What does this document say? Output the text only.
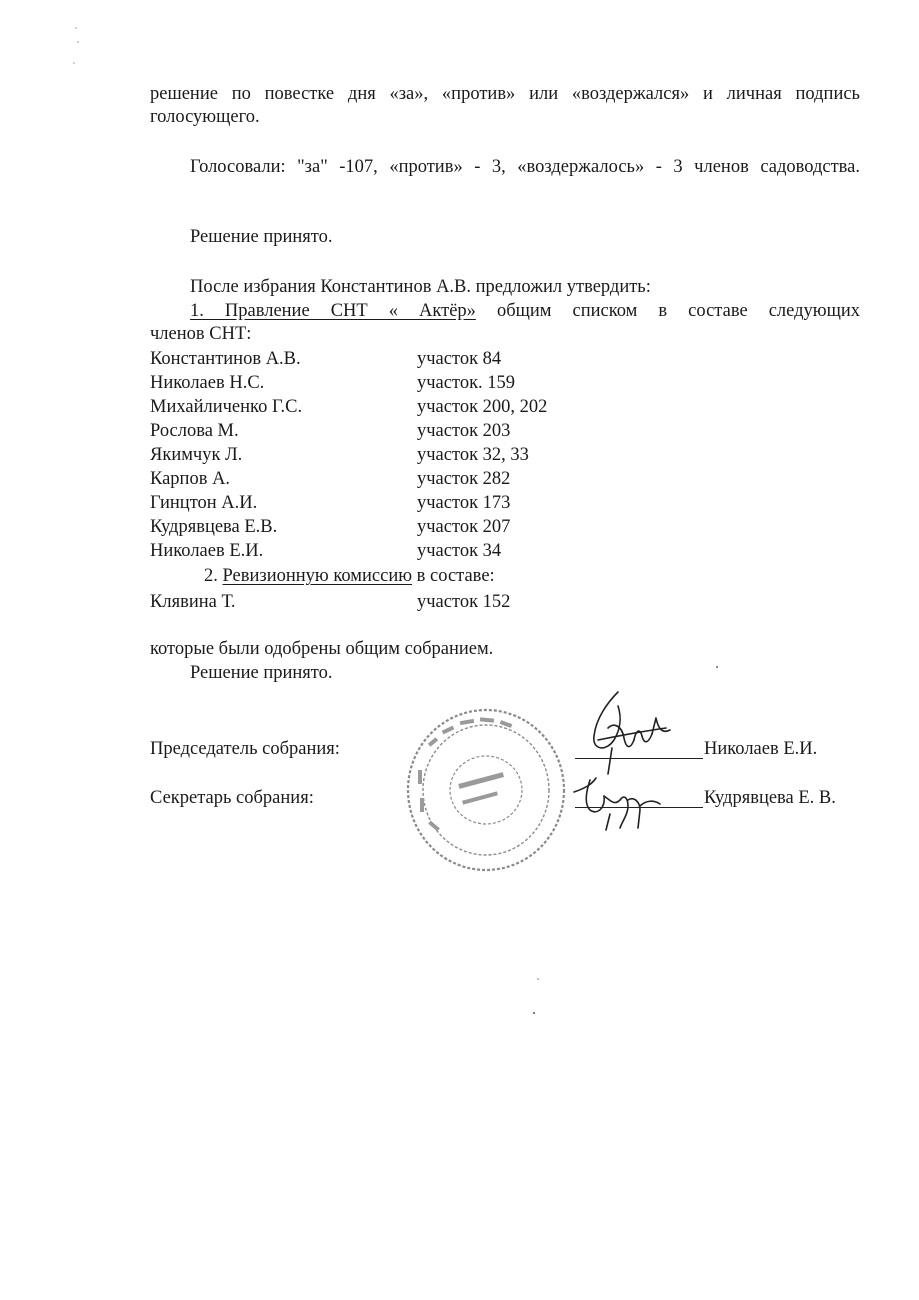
решение по повестке дня «за», «против» или «воздержался» и личная подпись голосующего.

Голосовали: "за" -107, «против» - 3, «воздержалось» - 3 членов садоводства.

Решение принято.
После избрания Константинов А.В. предложил утвердить:

1. Правление СНТ « Актёр» общим списком в составе следующих

членов СНТ:
Константинов А.В.	участок 84
Николаев Н.С.	участок. 159
Михайличенко Г.С.	участок 200, 202
Рослова М.	участок 203
Якимчук Л.	участок 32, 33
Карпов А.	участок 282
Гинцтон А.И.	участок 173
Кудрявцева Е.В.	участок 207
Николаев Е.И.	участок 34
2. Ревизионную комиссию в составе:
Клявина Т.	участок 152
которые были одобрены общим собранием.
Решение принято.
Председатель собрания:	Николаев Е.И.
Секретарь собрания:	Кудрявцева Е. В.
